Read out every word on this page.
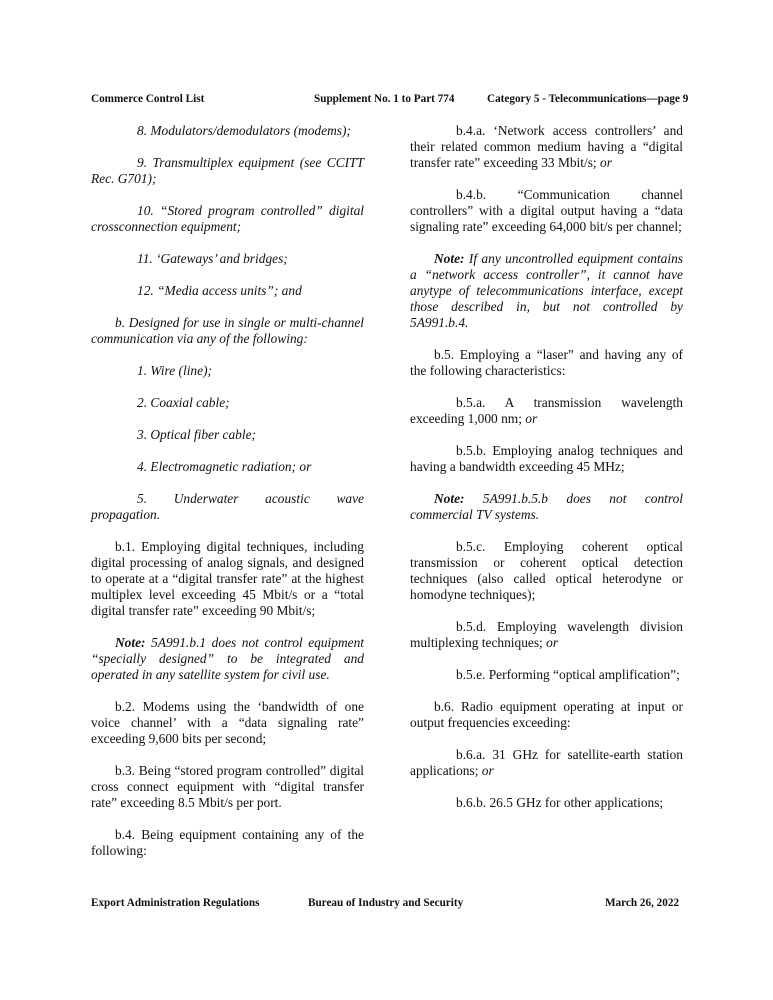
Commerce Control List	Supplement No. 1 to Part 774	Category 5 - Telecommunications—page 9

8. Modulators/demodulators (modems);

9. Transmultiplex equipment (see CCITT Rec. G701);

10. “Stored program controlled” digital crossconnection equipment;

11. ‘Gateways’ and bridges;

12. “Media access units”; and

b. Designed for use in single or multi-channel communication via any of the following:

1. Wire (line);

2. Coaxial cable;

3. Optical fiber cable;

4. Electromagnetic radiation; or

5. Underwater acoustic wave propagation.

b.1. Employing digital techniques, including digital processing of analog signals, and designed to operate at a “digital transfer rate” at the highest multiplex level exceeding 45 Mbit/s or a “total digital transfer rate” exceeding 90 Mbit/s;

Note: 5A991.b.1 does not control equipment “specially designed” to be integrated and operated in any satellite system for civil use.

b.2. Modems using the ‘bandwidth of one voice channel’ with a “data signaling rate” exceeding 9,600 bits per second;

b.3. Being “stored program controlled” digital cross connect equipment with “digital transfer rate” exceeding 8.5 Mbit/s per port.

b.4. Being equipment containing any of the following:

b.4.a. ‘Network access controllers’ and their related common medium having a “digital transfer rate” exceeding 33 Mbit/s; or

b.4.b. “Communication channel controllers” with a digital output having a “data signaling rate” exceeding 64,000 bit/s per channel;

Note: If any uncontrolled equipment contains a “network access controller”, it cannot have anytype of telecommunications interface, except those described in, but not controlled by 5A991.b.4.

b.5. Employing a “laser” and having any of the following characteristics:

b.5.a. A transmission wavelength exceeding 1,000 nm; or

b.5.b. Employing analog techniques and having a bandwidth exceeding 45 MHz;

Note: 5A991.b.5.b does not control commercial TV systems.

b.5.c. Employing coherent optical transmission or coherent optical detection techniques (also called optical heterodyne or homodyne techniques);

b.5.d. Employing wavelength division multiplexing techniques; or

b.5.e. Performing “optical amplification”;

b.6. Radio equipment operating at input or output frequencies exceeding:

b.6.a. 31 GHz for satellite-earth station applications; or

b.6.b. 26.5 GHz for other applications;

Export Administration Regulations	Bureau of Industry and Security	March 26, 2022
